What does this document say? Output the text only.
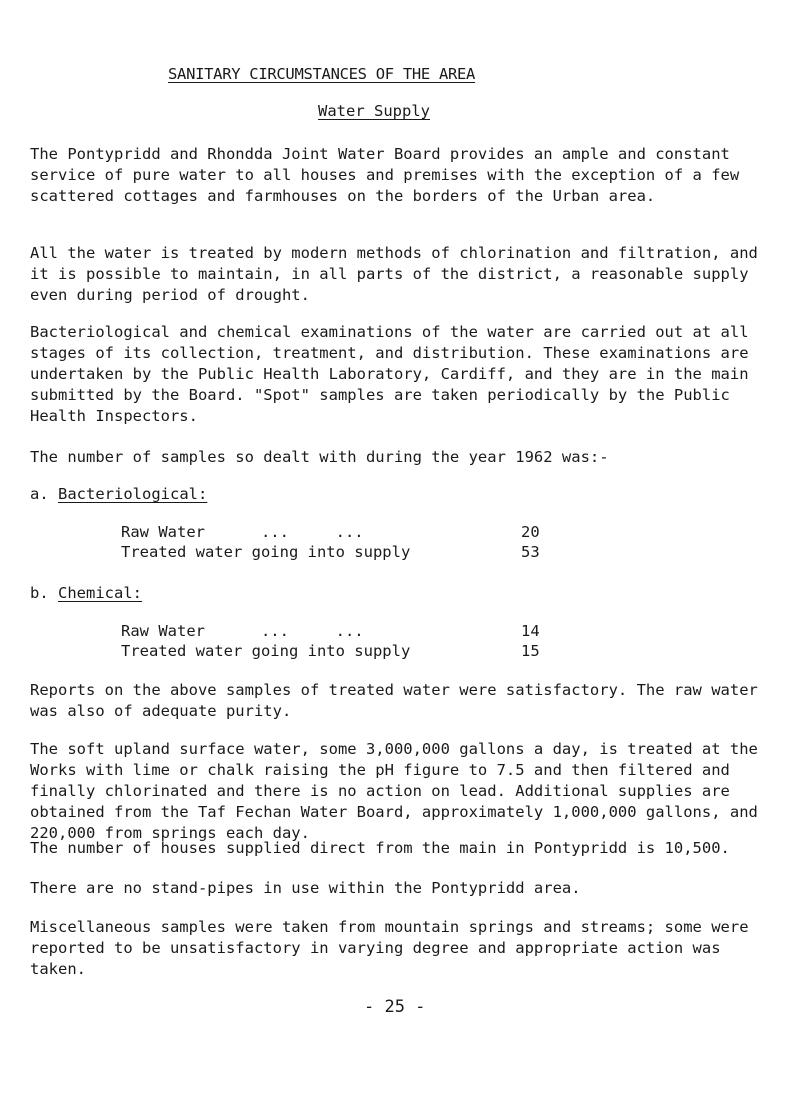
SANITARY CIRCUMSTANCES OF THE AREA
Water Supply

The Pontypridd and Rhondda Joint Water Board provides an ample and constant service of pure water to all houses and premises with the exception of a few scattered cottages and farmhouses on the borders of the Urban area.

All the water is treated by modern methods of chlorination and filtration, and it is possible to maintain, in all parts of the district, a reasonable supply even during period of drought.

Bacteriological and chemical examinations of the water are carried out at all stages of its collection, treatment, and distribution. These examinations are undertaken by the Public Health Laboratory, Cardiff, and they are in the main submitted by the Board. "Spot" samples are taken periodically by the Public Health Inspectors.

The number of samples so dealt with during the year 1962 was:-

a. Bacteriological:
Raw Water      ...     ...	20
Treated water going into supply	53
b. Chemical:
Raw Water      ...     ...	14
Treated water going into supply	15

Reports on the above samples of treated water were satisfactory. The raw water was also of adequate purity.

The soft upland surface water, some 3,000,000 gallons a day, is treated at the Works with lime or chalk raising the pH figure to 7.5 and then filtered and finally chlorinated and there is no action on lead. Additional supplies are obtained from the Taf Fechan Water Board, approximately 1,000,000 gallons, and 220,000 from springs each day.

The number of houses supplied direct from the main in Pontypridd is 10,500.

There are no stand-pipes in use within the Pontypridd area.

Miscellaneous samples were taken from mountain springs and streams; some were reported to be unsatisfactory in varying degree and appropriate action was taken.

- 25 -
